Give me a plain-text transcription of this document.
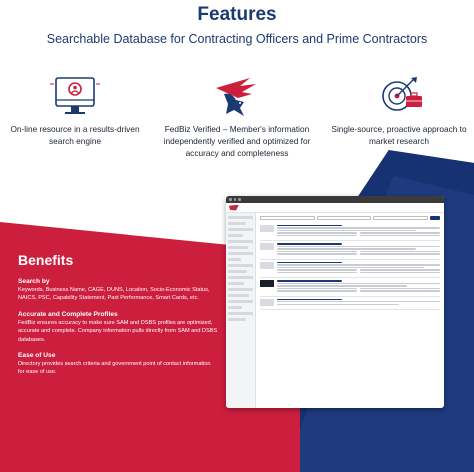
Features
Searchable Database for Contracting Officers and Prime Contractors
On-line resource in a results-driven search engine
FedBiz Verified – Member's information independently verified and optimized for accuracy and completeness
Single-source, proactive approach to market research
Benefits
Search by

Keywords, Business Name, CAGE, DUNS, Location, Socio-Economic Status, NAICS, PSC, Capability Statement, Past Performance, Smart Cards, etc.

Accurate and Complete Profiles

FedBiz ensures accuracy to make sure SAM and DSBS profiles are optimized, accurate and complete. Company information pulls directly from SAM and DSBS databases.

Ease of Use

Directory provides search criteria and government point of contact information for ease of use.
